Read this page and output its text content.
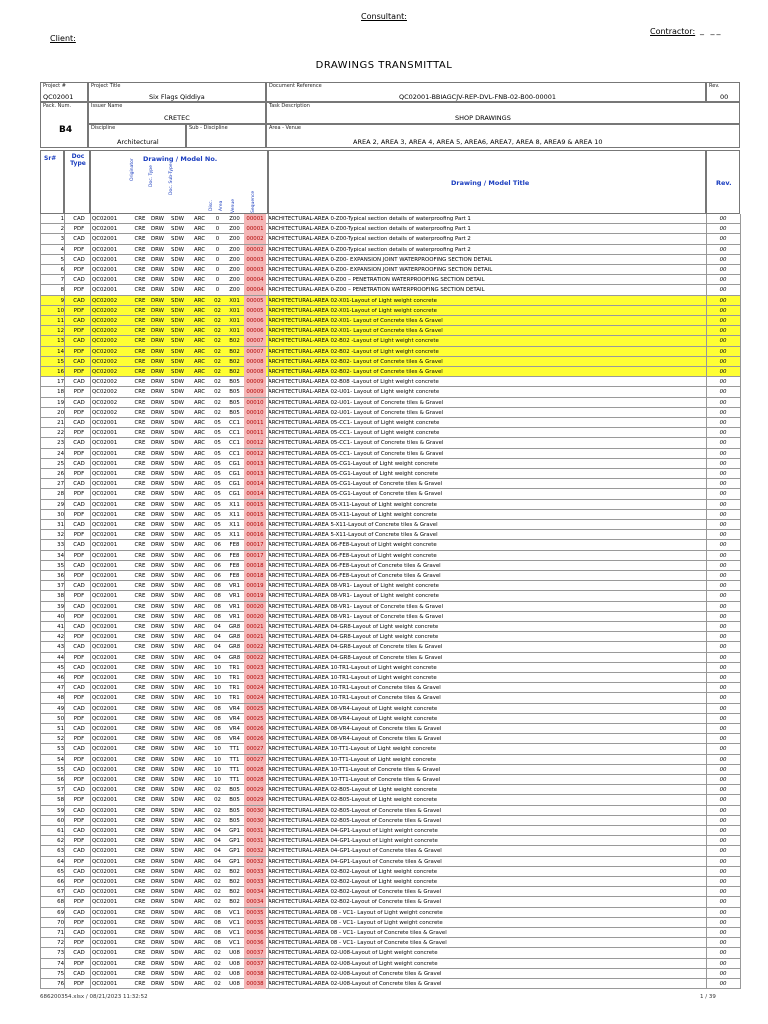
Consultant:
Client:
Contractor: _ __
DRAWINGS TRANSMITTAL
Project #
QC02001
Project Title
Six Flags Qiddiya
Document Reference
QC02001-BBIAGCJV-REP-DVL-FNB-02-B00-00001
Rev.
00
Pack. Num.
B4
Issuer Name
CRETEC
Task Description
SHOP DRAWINGS
Discipline
Architectural
Sub - Discipline	Area - Venue
AREA 2, AREA 3, AREA 4, AREA 5, AREA6, AREA7, AREA 8, AREA9 & AREA 10
Sr#	Doc Type
Drawing / Model No.
Originator	Doc. Type	Doc. Sub-Type
Disc. Area Venue	Sequence
Drawing / Model Title	Rev.
1	CAD	QC02001	CRE	DRW	SDW	ARC	0	Z00	00001 ARCHITECTURAL-AREA 0-Z00-Typical section details of waterproofing Part 1	00
2	PDF	QC02001	CRE	DRW	SDW	ARC	0	Z00	00001 ARCHITECTURAL-AREA 0-Z00-Typical section details of waterproofing Part 1	00
3	CAD	QC02001	CRE	DRW	SDW	ARC	0	Z00	00002 ARCHITECTURAL-AREA 0-Z00-Typical section details of waterproofing Part 2	00
4	PDF	QC02001	CRE	DRW	SDW	ARC	0	Z00	00002 ARCHITECTURAL-AREA 0-Z00-Typical section details of waterproofing Part 2	00
5	CAD	QC02001	CRE	DRW	SDW	ARC	0	Z00	00003 ARCHITECTURAL-AREA 0-Z00- EXPANSION JOINT WATERPROOFING SECTION DETAIL	00
6	PDF	QC02001	CRE	DRW	SDW	ARC	0	Z00	00003 ARCHITECTURAL-AREA 0-Z00- EXPANSION JOINT WATERPROOFING SECTION DETAIL	00
7	CAD	QC02001	CRE	DRW	SDW	ARC	0	Z00	00004 ARCHITECTURAL-AREA 0-Z00 – PENETRATION WATERPROOFING SECTION DETAIL	00
8	PDF	QC02001	CRE	DRW	SDW	ARC	0	Z00	00004 ARCHITECTURAL-AREA 0-Z00 – PENETRATION WATERPROOFING SECTION DETAIL	00
9	CAD	QC02002	CRE	DRW	SDW	ARC	02	X01	00005 ARCHITECTURAL-AREA 02-X01-Layout of Light weight concrete	00
10	PDF	QC02002	CRE	DRW	SDW	ARC	02	X01	00005 ARCHITECTURAL-AREA 02-X01-Layout of Light weight concrete	00
11	CAD	QC02002	CRE	DRW	SDW	ARC	02	X01	00006 ARCHITECTURAL-AREA 02-X01- Layout of Concrete tiles & Gravel	00
12	PDF	QC02002	CRE	DRW	SDW	ARC	02	X01	00006 ARCHITECTURAL-AREA 02-X01- Layout of Concrete tiles & Gravel	00
13	CAD	QC02002	CRE	DRW	SDW	ARC	02	B02	00007 ARCHITECTURAL-AREA 02-B02 -Layout of Light weight concrete	00
14	PDF	QC02002	CRE	DRW	SDW	ARC	02	B02	00007 ARCHITECTURAL-AREA 02-B02 -Layout of Light weight concrete	00
15	CAD	QC02002	CRE	DRW	SDW	ARC	02	B02	00008 ARCHITECTURAL-AREA 02-B02- Layout of Concrete tiles & Gravel	00
16	PDF	QC02002	CRE	DRW	SDW	ARC	02	B02	00008 ARCHITECTURAL-AREA 02-B02- Layout of Concrete tiles & Gravel	00
17	CAD	QC02002	CRE	DRW	SDW	ARC	02	B05	00009 ARCHITECTURAL-AREA 02-B08 -Layout of Light weight concrete	00
18	PDF	QC02002	CRE	DRW	SDW	ARC	02	B05	00009 ARCHITECTURAL-AREA 02-U01- Layout of Light weight concrete	00
19	CAD	QC02002	CRE	DRW	SDW	ARC	02	B05	00010 ARCHITECTURAL-AREA 02-U01- Layout of Concrete tiles & Gravel	00
20	PDF	QC02002	CRE	DRW	SDW	ARC	02	B05	00010 ARCHITECTURAL-AREA 02-U01- Layout of Concrete tiles & Gravel	00
21	CAD	QC02001	CRE	DRW	SDW	ARC	05	CC1	00011 ARCHITECTURAL-AREA 05-CC1- Layout of Light weight concrete	00
22	PDF	QC02001	CRE	DRW	SDW	ARC	05	CC1	00011 ARCHITECTURAL-AREA 05-CC1- Layout of Light weight concrete	00
23	CAD	QC02001	CRE	DRW	SDW	ARC	05	CC1	00012 ARCHITECTURAL-AREA 05-CC1- Layout of Concrete tiles & Gravel	00
24	PDF	QC02001	CRE	DRW	SDW	ARC	05	CC1	00012 ARCHITECTURAL-AREA 05-CC1- Layout of Concrete tiles & Gravel	00
25	CAD	QC02001	CRE	DRW	SDW	ARC	05	CG1	00013 ARCHITECTURAL-AREA 05-CG1-Layout of Light weight concrete	00
26	PDF	QC02001	CRE	DRW	SDW	ARC	05	CG1	00013 ARCHITECTURAL-AREA 05-CG1-Layout of Light weight concrete	00
27	CAD	QC02001	CRE	DRW	SDW	ARC	05	CG1	00014 ARCHITECTURAL-AREA 05-CG1-Layout of Concrete tiles & Gravel	00
28	PDF	QC02001	CRE	DRW	SDW	ARC	05	CG1	00014 ARCHITECTURAL-AREA 05-CG1-Layout of Concrete tiles & Gravel	00
29	CAD	QC02001	CRE	DRW	SDW	ARC	05	X11	00015 ARCHITECTURAL-AREA 05-X11-Layout of Light weight concrete	00
30	PDF	QC02001	CRE	DRW	SDW	ARC	05	X11	00015 ARCHITECTURAL-AREA 05-X11-Layout of Light weight concrete	00
31	CAD	QC02001	CRE	DRW	SDW	ARC	05	X11	00016 ARCHITECTURAL-AREA 5-X11-Layout of Concrete tiles & Gravel	00
32	PDF	QC02001	CRE	DRW	SDW	ARC	05	X11	00016 ARCHITECTURAL-AREA 5-X11-Layout of Concrete tiles & Gravel	00
33	CAD	QC02001	CRE	DRW	SDW	ARC	06	FE8	00017 ARCHITECTURAL-AREA 06-FE8-Layout of Light weight concrete	00
34	PDF	QC02001	CRE	DRW	SDW	ARC	06	FE8	00017 ARCHITECTURAL-AREA 06-FE8-Layout of Light weight concrete	00
35	CAD	QC02001	CRE	DRW	SDW	ARC	06	FE8	00018 ARCHITECTURAL-AREA 06-FE8-Layout of Concrete tiles & Gravel	00
36	PDF	QC02001	CRE	DRW	SDW	ARC	06	FE8	00018 ARCHITECTURAL-AREA 06-FE8-Layout of Concrete tiles & Gravel	00
37	CAD	QC02001	CRE	DRW	SDW	ARC	08	VR1	00019 ARCHITECTURAL-AREA 08-VR1- Layout of Light weight concrete	00
38	PDF	QC02001	CRE	DRW	SDW	ARC	08	VR1	00019 ARCHITECTURAL-AREA 08-VR1- Layout of Light weight concrete	00
39	CAD	QC02001	CRE	DRW	SDW	ARC	08	VR1	00020 ARCHITECTURAL-AREA 08-VR1- Layout of Concrete tiles & Gravel	00
40	PDF	QC02001	CRE	DRW	SDW	ARC	08	VR1	00020 ARCHITECTURAL-AREA 08-VR1- Layout of Concrete tiles & Gravel	00
41	CAD	QC02001	CRE	DRW	SDW	ARC	04	GR8	00021 ARCHITECTURAL-AREA 04-GR8-Layout of Light weight concrete	00
42	PDF	QC02001	CRE	DRW	SDW	ARC	04	GR8	00021 ARCHITECTURAL-AREA 04-GR8-Layout of Light weight concrete	00
43	CAD	QC02001	CRE	DRW	SDW	ARC	04	GR8	00022 ARCHITECTURAL-AREA 04-GR8-Layout of Concrete tiles & Gravel	00
44	PDF	QC02001	CRE	DRW	SDW	ARC	04	GR8	00022 ARCHITECTURAL-AREA 04-GR8-Layout of Concrete tiles & Gravel	00
45	CAD	QC02001	CRE	DRW	SDW	ARC	10	TR1	00023 ARCHITECTURAL-AREA 10-TR1-Layout of Light weight concrete	00
46	PDF	QC02001	CRE	DRW	SDW	ARC	10	TR1	00023 ARCHITECTURAL-AREA 10-TR1-Layout of Light weight concrete	00
47	CAD	QC02001	CRE	DRW	SDW	ARC	10	TR1	00024 ARCHITECTURAL-AREA 10-TR1-Layout of Concrete tiles & Gravel	00
48	PDF	QC02001	CRE	DRW	SDW	ARC	10	TR1	00024 ARCHITECTURAL-AREA 10-TR1-Layout of Concrete tiles & Gravel	00
49	CAD	QC02001	CRE	DRW	SDW	ARC	08	VR4	00025 ARCHITECTURAL-AREA 08-VR4-Layout of Light weight concrete	00
50	PDF	QC02001	CRE	DRW	SDW	ARC	08	VR4	00025 ARCHITECTURAL-AREA 08-VR4-Layout of Light weight concrete	00
51	CAD	QC02001	CRE	DRW	SDW	ARC	08	VR4	00026 ARCHITECTURAL-AREA 08-VR4-Layout of Concrete tiles & Gravel	00
52	PDF	QC02001	CRE	DRW	SDW	ARC	08	VR4	00026 ARCHITECTURAL-AREA 08-VR4-Layout of Concrete tiles & Gravel	00
53	CAD	QC02001	CRE	DRW	SDW	ARC	10	TT1	00027 ARCHITECTURAL-AREA 10-TT1-Layout of Light weight concrete	00
54	PDF	QC02001	CRE	DRW	SDW	ARC	10	TT1	00027 ARCHITECTURAL-AREA 10-TT1-Layout of Light weight concrete	00
55	CAD	QC02001	CRE	DRW	SDW	ARC	10	TT1	00028 ARCHITECTURAL-AREA 10-TT1-Layout of Concrete tiles & Gravel	00
56	PDF	QC02001	CRE	DRW	SDW	ARC	10	TT1	00028 ARCHITECTURAL-AREA 10-TT1-Layout of Concrete tiles & Gravel	00
57	CAD	QC02001	CRE	DRW	SDW	ARC	02	B05	00029 ARCHITECTURAL-AREA 02-B05-Layout of Light weight concrete	00
58	PDF	QC02001	CRE	DRW	SDW	ARC	02	B05	00029 ARCHITECTURAL-AREA 02-B05-Layout of Light weight concrete	00
59	CAD	QC02001	CRE	DRW	SDW	ARC	02	B05	00030 ARCHITECTURAL-AREA 02-B05-Layout of Concrete tiles & Gravel	00
60	PDF	QC02001	CRE	DRW	SDW	ARC	02	B05	00030 ARCHITECTURAL-AREA 02-B05-Layout of Concrete tiles & Gravel	00
61	CAD	QC02001	CRE	DRW	SDW	ARC	04	GP1	00031 ARCHITECTURAL-AREA 04-GP1-Layout of Light weight concrete	00
62	PDF	QC02001	CRE	DRW	SDW	ARC	04	GP1	00031 ARCHITECTURAL-AREA 04-GP1-Layout of Light weight concrete	00
63	CAD	QC02001	CRE	DRW	SDW	ARC	04	GP1	00032 ARCHITECTURAL-AREA 04-GP1-Layout of Concrete tiles & Gravel	00
64	PDF	QC02001	CRE	DRW	SDW	ARC	04	GP1	00032 ARCHITECTURAL-AREA 04-GP1-Layout of Concrete tiles & Gravel	00
65	CAD	QC02001	CRE	DRW	SDW	ARC	02	B02	00033 ARCHITECTURAL-AREA 02-B02-Layout of Light weight concrete	00
66	PDF	QC02001	CRE	DRW	SDW	ARC	02	B02	00033 ARCHITECTURAL-AREA 02-B02-Layout of Light weight concrete	00
67	CAD	QC02001	CRE	DRW	SDW	ARC	02	B02	00034 ARCHITECTURAL-AREA 02-B02-Layout of Concrete tiles & Gravel	00
68	PDF	QC02001	CRE	DRW	SDW	ARC	02	B02	00034 ARCHITECTURAL-AREA 02-B02-Layout of Concrete tiles & Gravel	00
69	CAD	QC02001	CRE	DRW	SDW	ARC	08	VC1	00035 ARCHITECTURAL-AREA 08 - VC1- Layout of Light weight concrete	00
70	PDF	QC02001	CRE	DRW	SDW	ARC	08	VC1	00035 ARCHITECTURAL-AREA 08 - VC1- Layout of Light weight concrete	00
71	CAD	QC02001	CRE	DRW	SDW	ARC	08	VC1	00036 ARCHITECTURAL-AREA 08 - VC1- Layout of Concrete tiles & Gravel	00
72	PDF	QC02001	CRE	DRW	SDW	ARC	08	VC1	00036 ARCHITECTURAL-AREA 08 - VC1- Layout of Concrete tiles & Gravel	00
73	CAD	QC02001	CRE	DRW	SDW	ARC	02	U08	00037 ARCHITECTURAL-AREA 02-U08-Layout of Light weight concrete	00
74	PDF	QC02001	CRE	DRW	SDW	ARC	02	U08	00037 ARCHITECTURAL-AREA 02-U08-Layout of Light weight concrete	00
75	CAD	QC02001	CRE	DRW	SDW	ARC	02	U08	00038 ARCHITECTURAL-AREA 02-U08-Layout of Concrete tiles & Gravel	00
76	PDF	QC02001	CRE	DRW	SDW	ARC	02	U08	00038 ARCHITECTURAL-AREA 02-U08-Layout of Concrete tiles & Gravel	00
686200354.xlsx / 08/21/2023 11:32:52	1 / 39
